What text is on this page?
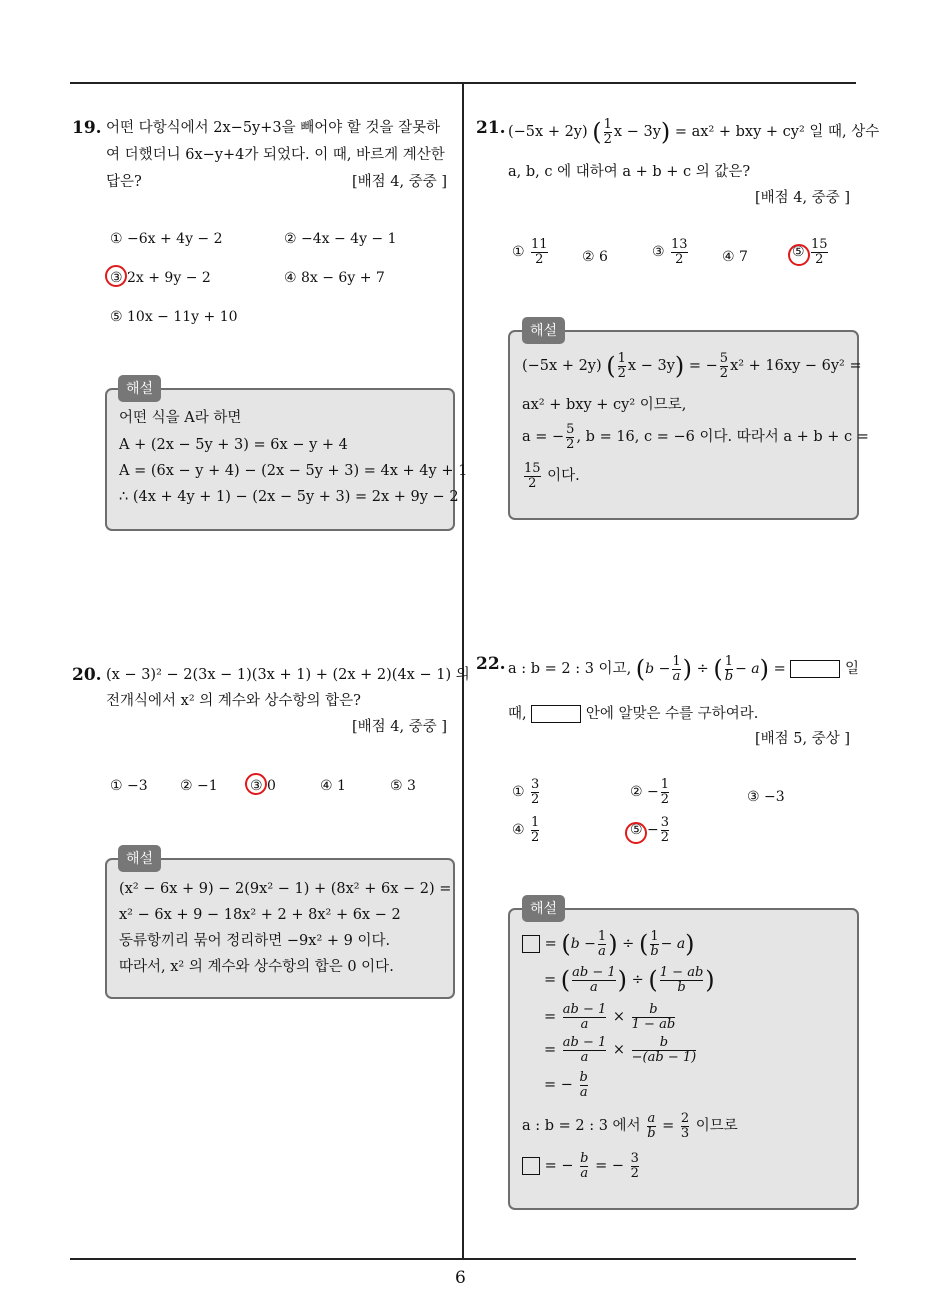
6
19. 어떤 다항식에서 2x−5y+3을 빼어야 할 것을 잘못하
여 더했더니 6x−y+4가 되었다. 이 때, 바르게 계산한
답은?	[배점 4, 중중 ]
① −6x + 4y − 2	② −4x − 4y − 1
③ 2x + 9y − 2	④ 8x − 6y + 7
⑤ 10x − 11y + 10
해설
어떤 식을 A라 하면
A + (2x − 5y + 3) = 6x − y + 4
A = (6x − y + 4) − (2x − 5y + 3) = 4x + 4y + 1
∴ (4x + 4y + 1) − (2x − 5y + 3) = 2x + 9y − 2
20. (x − 3)² − 2(3x − 1)(3x + 1) + (2x + 2)(4x − 1) 의
전개식에서 x² 의 계수와 상수항의 합은?
[배점 4, 중중 ]
① −3 ② −1 ③ 0	④ 1	⑤ 3
해설
(x² − 6x + 9) − 2(9x² − 1) + (8x² + 6x − 2) =
x² − 6x + 9 − 18x² + 2 + 8x² + 6x − 2
동류항끼리 묶어 정리하면 −9x² + 9 이다.
따라서, x² 의 계수와 상수항의 합은 0 이다.
21. (−5x + 2y) ( $\frac{1}{2}$ x − 3y) = ax² + bxy + cy² 일 때, 상수
a, b, c 에 대하여 a + b + c 의 값은?
[배점 4, 중중 ]
① $\frac{11}{2}$ ② 6	③ $\frac{13}{2}$ ④ 7	⑤ $\frac{15}{2}$
해설
(−5x + 2y) ( $\frac{1}{2}$ x − 3y) = − $\frac{5}{2} x^2 + 16xy - 6y^2$ =
ax² + bxy + cy² 이므로,
a = − $\frac{5}{2}$ , b = 16, c = −6 이다. 따라서 a + b + c =
$\frac{15}{2}$ 이다.
22. a : b = 2 : 3 이고, ($b - \frac{1}{a}$ ) ÷ ( $\frac{1}{b} - a$) =	일
때,	안에 알맞은 수를 구하여라.
[배점 5, 중상 ]
① $\frac{3}{2}$	② − $\frac{1}{2}$	③ −3
④ $\frac{1}{2}$	⑤ − $\frac{3}{2}$
해설
= ($b - \frac{1}{a}$ ) ÷ ( $\frac{1}{b} - a$)
= ( $\frac{ab - 1}{a}$ ) ÷ ( $\frac{1 - ab}{b}$ )
= $\frac{ab - 1}{a} \times \frac{b}{1 - ab}$
= $\frac{ab - 1}{a} \times \frac{b}{-(ab - 1)}$
= − $\frac{b}{a}$
a : b = 2 : 3 에서 $\frac{a}{b} = \frac{2}{3}$ 이므로
= − $\frac{b}{a}$ = − $\frac{3}{2}$
